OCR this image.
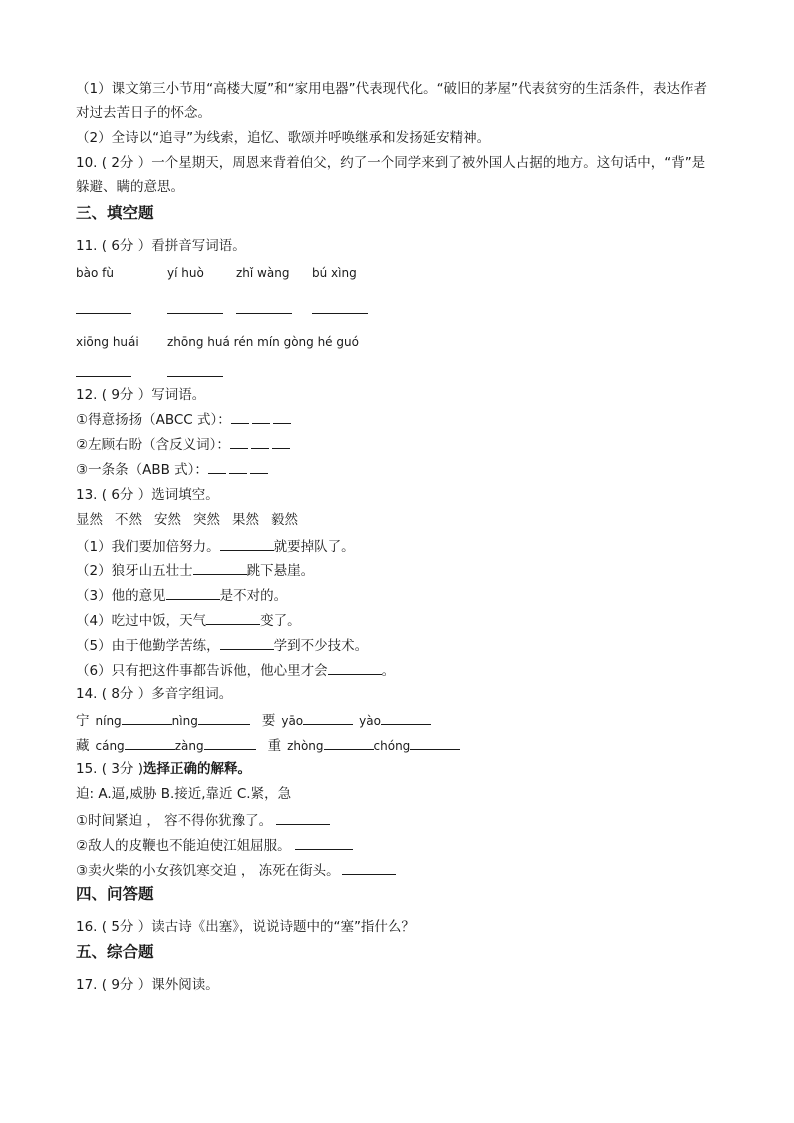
（1）课文第三小节用“高楼大厦”和“家用电器”代表现代化。“破旧的茅屋”代表贫穷的生活条件，表达作者
对过去苦日子的怀念。
（2）全诗以“追寻”为线索，追忆、歌颂并呼唤继承和发扬延安精神。
10. ( 2分 ）一个星期天，周恩来背着伯父，约了一个同学来到了被外国人占据的地方。这句话中，“背”是
躲避、瞒的意思。
三、填空题
11. ( 6分 ）看拼音写词语。
bào fù	yí huò	zhǐ wàng bú xìng
xiōng huái zhōng huá rén mín gòng hé guó
12. ( 9分 ）写词语。
①得意扬扬（ABCC 式）：
②左顾右盼（含反义词）：
③一条条（ABB 式）：
13. ( 6分 ）选词填空。
显然 不然 安然 突然 果然 毅然
（1）我们要加倍努力。	就要掉队了。
（2）狼牙山五壮士	跳下悬崖。
（3）他的意见	是不对的。
（4）吃过中饭，天气	变了。
（5）由于他勤学苦练，	学到不少技术。
（6）只有把这件事都告诉他，他心里才会	。
14. ( 8分 ）多音字组词。
宁 níng	nìng	要 yāo	yào
藏 cáng	zàng	重 zhòng	chóng
15. ( 3分 )选择正确的解释。
迫: A.逼,威胁 B.接近,靠近 C.紧，急
①时间紧迫 ， 容不得你犹豫了。
②敌人的皮鞭也不能迫使江姐屈服。
③卖火柴的小女孩饥寒交迫 ， 冻死在街头。
四、问答题
16. ( 5分 ）读古诗《出塞》，说说诗题中的“塞”指什么？
五、综合题
17. ( 9分 ）课外阅读。
